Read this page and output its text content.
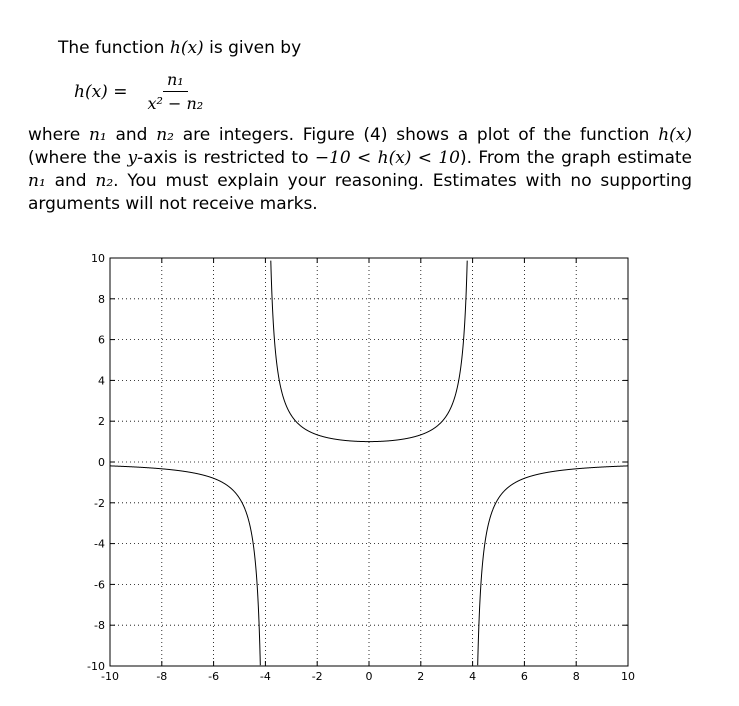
The function h(x) is given by
$h(x) = \frac{\text{n₁}}{\text{x² − n₂}}$
where n₁ and n₂ are integers. Figure (4) shows a plot of the function h(x) (where the y-axis is restricted to −10 < h(x) < 10). From the graph estimate n₁ and n₂. You must explain your reasoning. Estimates with no supporting arguments will not receive marks.
-10	-8	-6	-4	-2	0	2	4	6	8	10
-10
-8
-6
-4
-2
0
2
4
6
8
10
